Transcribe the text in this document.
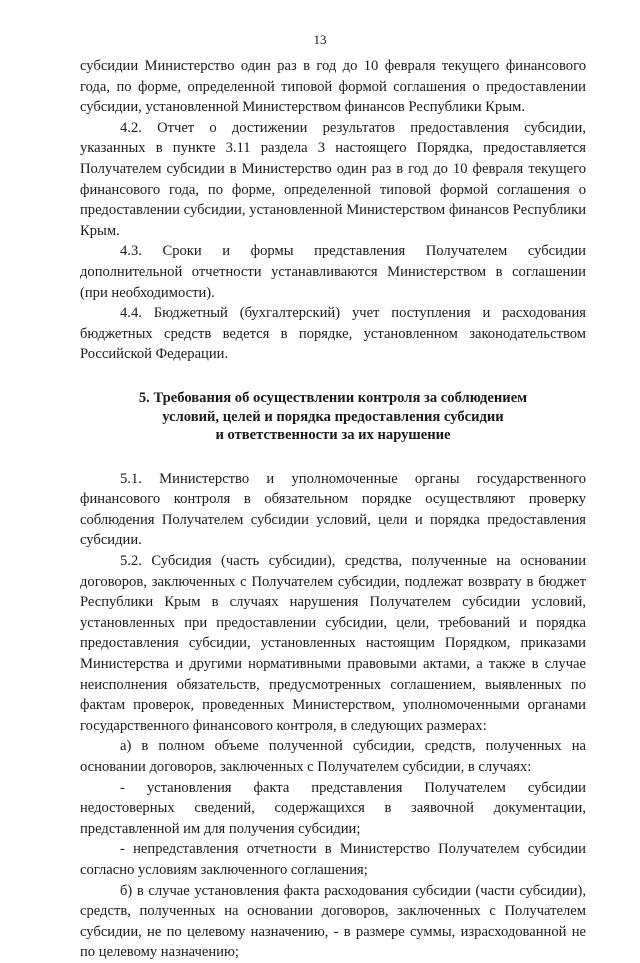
13

субсидии Министерство один раз в год до 10 февраля текущего финансового года, по форме, определенной типовой формой соглашения о предоставлении субсидии, установленной Министерством финансов Республики Крым.

4.2. Отчет о достижении результатов предоставления субсидии, указанных в пункте 3.11 раздела 3 настоящего Порядка, предоставляется Получателем субсидии в Министерство один раз в год до 10 февраля текущего финансового года, по форме, определенной типовой формой соглашения о предоставлении субсидии, установленной Министерством финансов Республики Крым.

4.3. Сроки и формы представления Получателем субсидии дополнительной отчетности устанавливаются Министерством в соглашении (при необходимости).

4.4. Бюджетный (бухгалтерский) учет поступления и расходования бюджетных средств ведется в порядке, установленном законодательством Российской Федерации.

5. Требования об осуществлении контроля за соблюдением
условий, целей и порядка предоставления субсидии
и ответственности за их нарушение

5.1. Министерство и уполномоченные органы государственного финансового контроля в обязательном порядке осуществляют проверку соблюдения Получателем субсидии условий, цели и порядка предоставления субсидии.

5.2. Субсидия (часть субсидии), средства, полученные на основании договоров, заключенных с Получателем субсидии, подлежат возврату в бюджет Республики Крым в случаях нарушения Получателем субсидии условий, установленных при предоставлении субсидии, цели, требований и порядка предоставления субсидии, установленных настоящим Порядком, приказами Министерства и другими нормативными правовыми актами, а также в случае неисполнения обязательств, предусмотренных соглашением, выявленных по фактам проверок, проведенных Министерством, уполномоченными органами государственного финансового контроля, в следующих размерах:

а) в полном объеме полученной субсидии, средств, полученных на основании договоров, заключенных с Получателем субсидии, в случаях:

- установления факта представления Получателем субсидии недостоверных сведений, содержащихся в заявочной документации, представленной им для получения субсидии;

- непредставления отчетности в Министерство Получателем субсидии согласно условиям заключенного соглашения;

б) в случае установления факта расходования субсидии (части субсидии), средств, полученных на основании договоров, заключенных с Получателем субсидии, не по целевому назначению, - в размере суммы, израсходованной не по целевому назначению;
